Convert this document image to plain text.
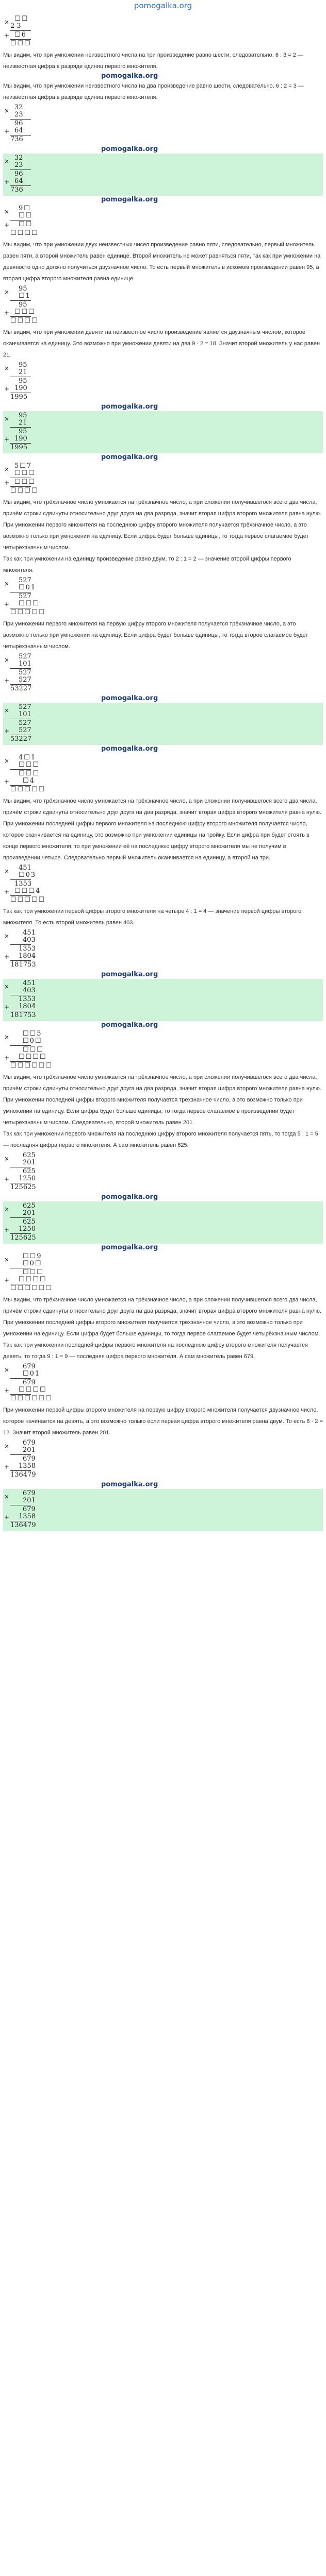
pomogalka.org
☐☐
2 3
☐6
☐☐☐
×
+

Мы видим, что при умножении неизвестного числа на три произведение равно шести, следовательно, 6 : 3 = 2 — неизвестная цифра в разряде единиц первого множителя.

pomogalka.org

Мы видим, что при умножении неизвестного числа на два произведение равно шести, следовательно, 6 : 2 = 3 — неизвестная цифра в разряде единиц первого множителя.

32
23
96
64
736
×
+
pomogalka.org
32
23
96
64
736
×
+
pomogalka.org
9☐
☐☐
☐☐
☐☐☐☐
×
+

Мы видим, что при умножении двух неизвестных чисел произведение равно пяти, следовательно, первый множитель равен пяти, а второй множитель равен единице. Второй множитель не может равняться пяти, так как при умножении на девяносто одно должно получиться двузначное число. То есть первый множитель в искомом произведении равен 95, а вторая цифра второго множителя равна единице.

95
☐1
95
☐☐☐
☐☐☐☐
×
+

Мы видим, что при умножении девяти на неизвестное число произведение является двузначным числом, которое оканчивается на единицу. Это возможно при умножении девяти на два 9 · 2 = 18. Значит второй множитель у нас равен 21.

95
21
95
190
1995
×
+
pomogalka.org
95
21
95
190
1995
×
+
pomogalka.org
5☐7
☐☐☐
☐☐☐
☐☐☐☐
×
+

Мы видим, что трёхзначное число умножается на трёхзначное число, а при сложении получившегося всего два числа, причём строки сдвинуты относительно друг друга на два разряда, значит вторая цифра второго множителя равна нулю.

При умножении первого множителя на последнюю цифру второго множителя получается трёхзначное число, а это возможно только при умножении на единицу. Если цифра будет больше единицы, то тогда первое слагаемое будет четырёхзначным числом.

Так как при умножении на единицу произведение равно двум, то 2 : 1 = 2 — значение второй цифры первого множителя.

527
☐01
527
☐☐☐
☐☐☐☐☐
×
+

При умножении первого множителя на первую цифру второго множителя получается трёхзначное число, а это возможно только при умножении на единицу. Если цифра будет больше единицы, то тогда второе слагаемое будет четырёхзначным числом.

527
101
527
527
53227
×
+
pomogalka.org
527
101
527
527
53227
×
+
pomogalka.org
4☐1
☐☐☐
☐☐☐
☐4
☐☐☐☐☐
×
+

Мы видим, что трёхзначное число умножается на трёхзначное число, а при сложении получившегося всего два числа, причём строки сдвинуты относительно друг друга на два разряда, значит вторая цифра второго множителя равна нулю.

При умножении последней цифры первого множителя на последнюю цифру второго множителя получается число, которое оканчивается на единицу, это возможно при умножении единицы на тройку. Если цифра при будет стоять в конце первого множителя, то при умножении её на последнюю цифру второго множителя мы не получим в произведении четыре. Следовательно первый множитель оканчивается на единицу, а второй на три.

451
☐03
1353
☐☐☐4
☐☐☐☐☐
×
+

Так как при умножении первой цифры второго множителя на четыре 4 : 1 = 4 — значение первой цифры второго множителя. То есть второй множитель равен 403.

451
403
1353
1804
181753
×
+
pomogalka.org
451
403
1353
1804
181753
×
+
pomogalka.org
☐☐5
☐0☐
☐☐☐
☐☐☐☐
☐☐☐☐☐☐
×
+

Мы видим, что трёхзначное число умножается на трёхзначное число, а при сложении получившегося всего два числа, причём строки сдвинуты относительно друг друга на два разряда, значит вторая цифра второго множителя равна нулю.

При умножении последней цифры второго множителя получается трёхзначное число, а это возможно только при умножении на единицу. Если цифра будет больше единицы, то тогда первое слагаемое в произведении будет четырёхзначным числом. Следовательно, второй множитель равен 201.

Так как при умножении первого множителя на последнюю цифру второго множителя получается пять, то тогда 5 : 1 = 5 — последняя цифра первого множителя. А сам множитель равен 625.

625
201
625
1250
125625
×
+
pomogalka.org
625
201
625
1250
125625
×
+
pomogalka.org
☐☐9
☐0☐
☐☐☐
☐☐☐☐
☐☐☐☐☐☐
×
+

Мы видим, что трёхзначное число умножается на трёхзначное число, а при сложении получившегося всего два числа, причём строки сдвинуты относительно друг друга на два разряда, значит вторая цифра второго множителя равна нулю.

При умножении последней цифры второго множителя получается трёхзначное число, а это возможно только при умножении на единицу. Если цифра будет больше единицы, то тогда первое слагаемое будет четырёхзначным числом.

Так как при умножении последней цифры первого множителя на последнюю цифру второго множителя получается девять, то тогда 9 : 1 = 9 — последняя цифра первого множителя. А сам множитель равен 679.

679
☐01
679
☐☐☐☐
☐☐☐☐☐☐
×
+

При умножении первой цифры второго множителя на первую цифру второго множителя получается двузначное число, которое начинается на девять, а это возможно только если первая цифра второго множителя равна двум. То есть 6 · 2 = 12. Значит второй множитель равен 201.

679
201
679
1358
136479
×
+
pomogalka.org
679
201
679
1358
136479
×
+
